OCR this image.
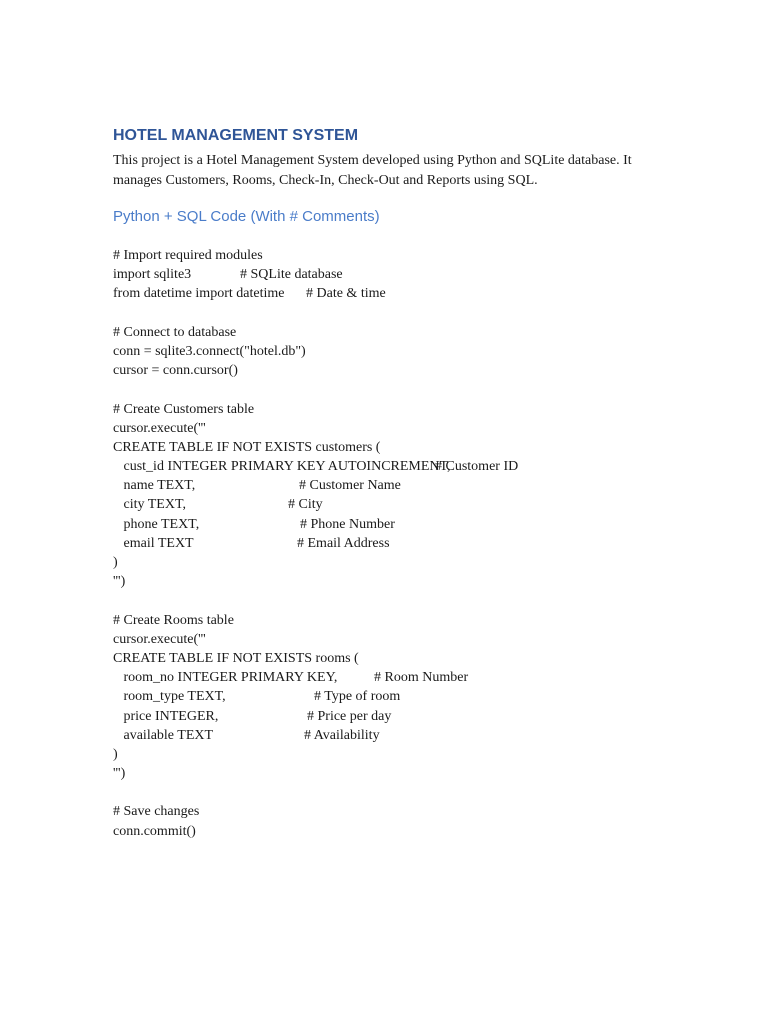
HOTEL MANAGEMENT SYSTEM

This project is a Hotel Management System developed using Python and SQLite database. It
manages Customers, Rooms, Check-In, Check-Out and Reports using SQL.

Python + SQL Code (With # Comments)
# Import required modules
import sqlite3	# SQLite database
from datetime import datetime # Date & time
# Connect to database
conn = sqlite3.connect("hotel.db")
cursor = conn.cursor()
# Create Customers table
cursor.execute('''
CREATE TABLE IF NOT EXISTS customers (
cust_id INTEGER PRIMARY KEY AUTOINCREMENT,
# Customer ID
name TEXT,	# Customer Name
city TEXT,	# City
phone TEXT,	# Phone Number
email TEXT	# Email Address
)
''')
# Create Rooms table
cursor.execute('''
CREATE TABLE IF NOT EXISTS rooms (
room_no INTEGER PRIMARY KEY,	# Room Number
room_type TEXT,	# Type of room
price INTEGER,	# Price per day
available TEXT	# Availability
)
''')
# Save changes
conn.commit()
